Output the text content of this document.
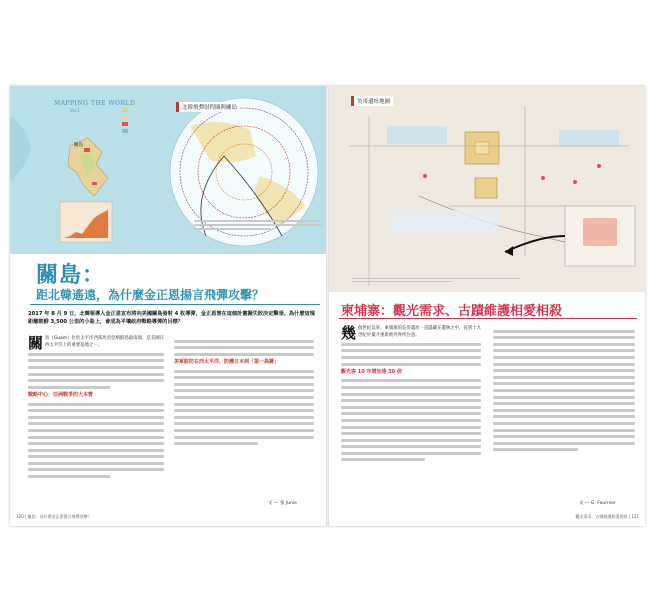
MAPPING THE WORLD
Vol.1	北韓飛彈射程圈與關島
關島
關島：
距北韓遙遠，為什麼金正恩揚言飛彈攻擊？
2017 年 8 月 9 日，北韓領導人金正恩宣布將向美國關島發射 4 枚導彈，金正恩曾在這個計畫擬失敗決定擊垂。為什麼這塊距離朝鮮 3,500 公里的小島上，會成為平壤政府戰略導彈的目標？
關 島（Guam）位於太平洋西部馬里亞納群島最南端，是美國在西太平洋上的重要基地之一。
戰略中心：亞洲戰爭的大本營
美軍駐防在西太平洋，防護日本到「第一島鏈」
文 — 張 Junie
120 | 關島：為什麼金正恩揚言飛彈攻擊？
吳哥遺址地圖
柬埔寨：觀光需求、古蹟維護相愛相殺
幾 個世紀以來，柬埔寨的吳哥遺址一直隱藏在叢林之中，直到十九世紀中葉才重新被外界所注意。
觀光客 10 年增加達 30 倍
文 — G. Fournier
觀光需求、古蹟維護相愛相殺 | 121
